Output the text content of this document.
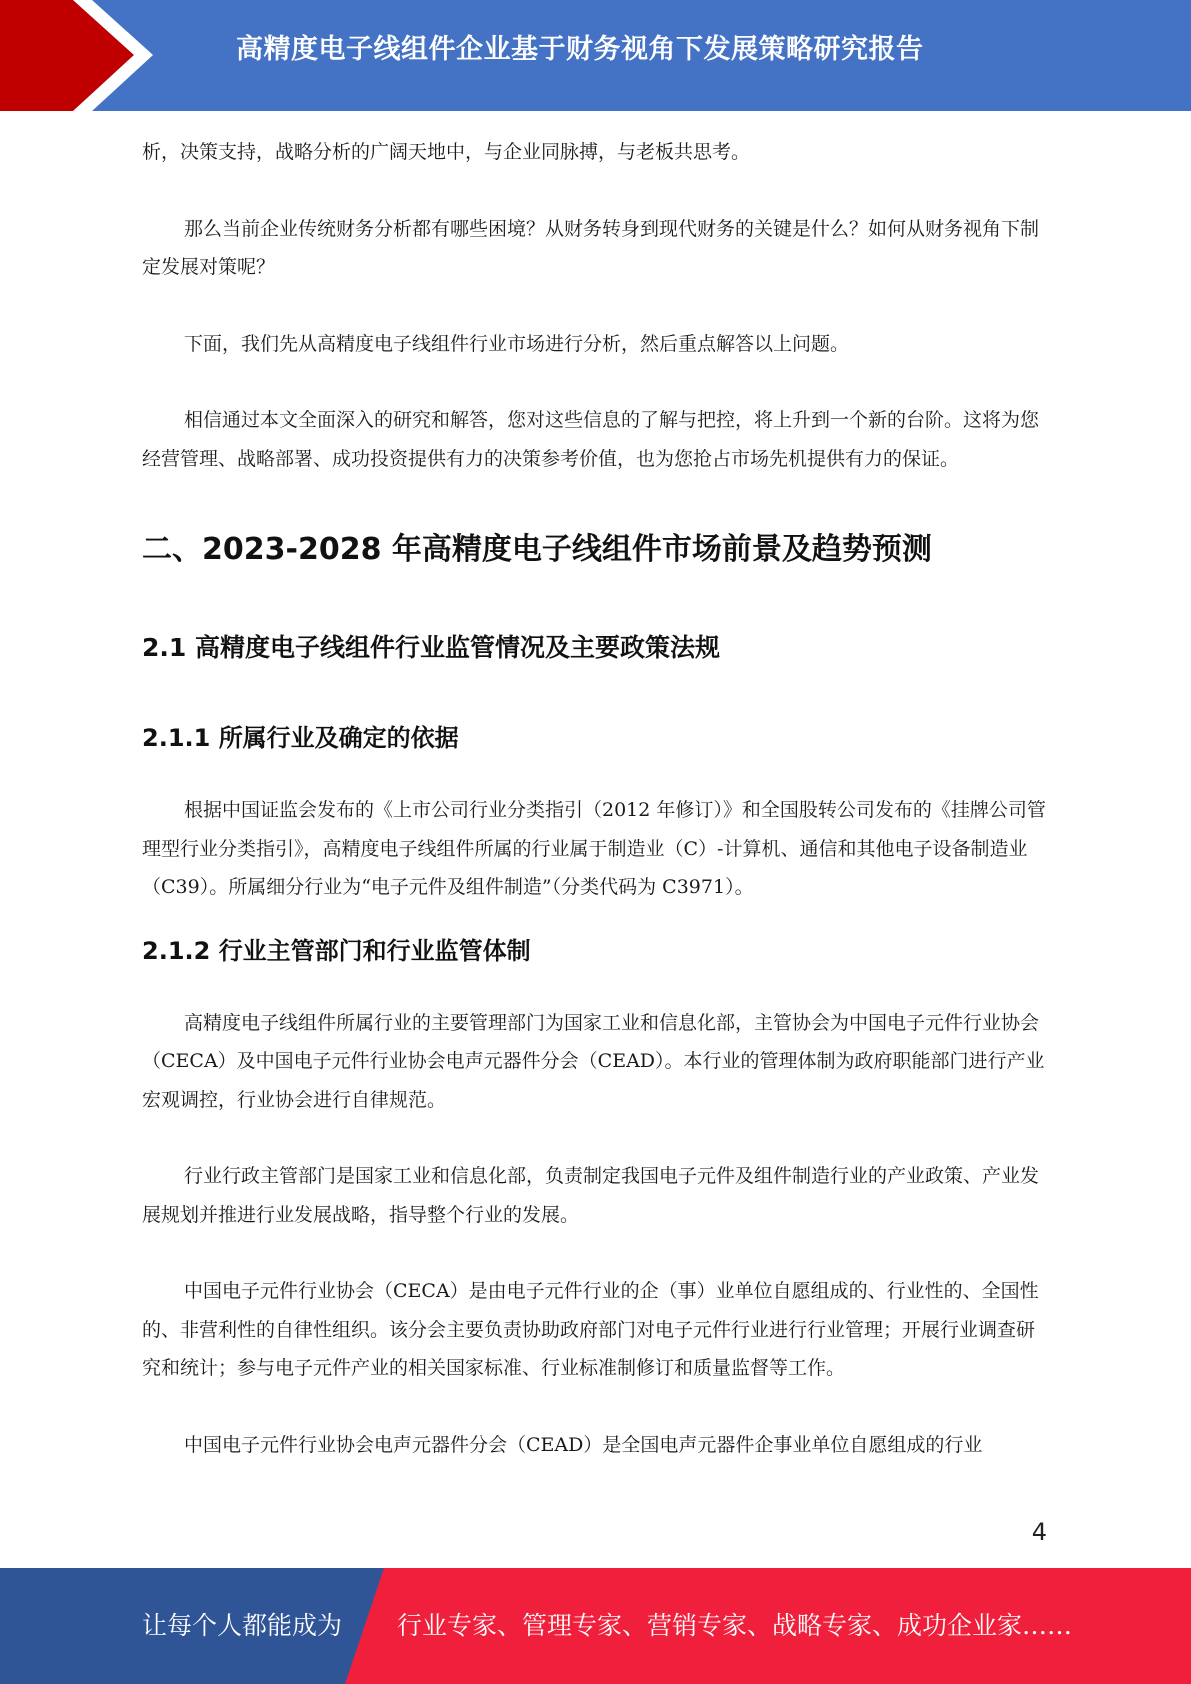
高精度电子线组件企业基于财务视角下发展策略研究报告

析，决策支持，战略分析的广阔天地中，与企业同脉搏，与老板共思考。

那么当前企业传统财务分析都有哪些困境？从财务转身到现代财务的关键是什么？如何从财务视角下制定发展对策呢？

下面，我们先从高精度电子线组件行业市场进行分析，然后重点解答以上问题。

相信通过本文全面深入的研究和解答，您对这些信息的了解与把控，将上升到一个新的台阶。这将为您经营管理、战略部署、成功投资提供有力的决策参考价值，也为您抢占市场先机提供有力的保证。

二、2023-2028 年高精度电子线组件市场前景及趋势预测
2.1 高精度电子线组件行业监管情况及主要政策法规
2.1.1 所属行业及确定的依据

根据中国证监会发布的《上市公司行业分类指引（2012 年修订）》和全国股转公司发布的《挂牌公司管理型行业分类指引》，高精度电子线组件所属的行业属于制造业（C）-计算机、通信和其他电子设备制造业（C39）。所属细分行业为“电子元件及组件制造”（分类代码为 C3971）。

2.1.2 行业主管部门和行业监管体制

高精度电子线组件所属行业的主要管理部门为国家工业和信息化部，主管协会为中国电子元件行业协会（CECA）及中国电子元件行业协会电声元器件分会（CEAD）。本行业的管理体制为政府职能部门进行产业宏观调控，行业协会进行自律规范。

行业行政主管部门是国家工业和信息化部，负责制定我国电子元件及组件制造行业的产业政策、产业发展规划并推进行业发展战略，指导整个行业的发展。

中国电子元件行业协会（CECA）是由电子元件行业的企（事）业单位自愿组成的、行业性的、全国性的、非营利性的自律性组织。该分会主要负责协助政府部门对电子元件行业进行行业管理；开展行业调查研究和统计；参与电子元件产业的相关国家标准、行业标准制修订和质量监督等工作。

中国电子元件行业协会电声元器件分会（CEAD）是全国电声元器件企事业单位自愿组成的行业

4
让每个人都能成为 行业专家、管理专家、营销专家、战略专家、成功企业家……
